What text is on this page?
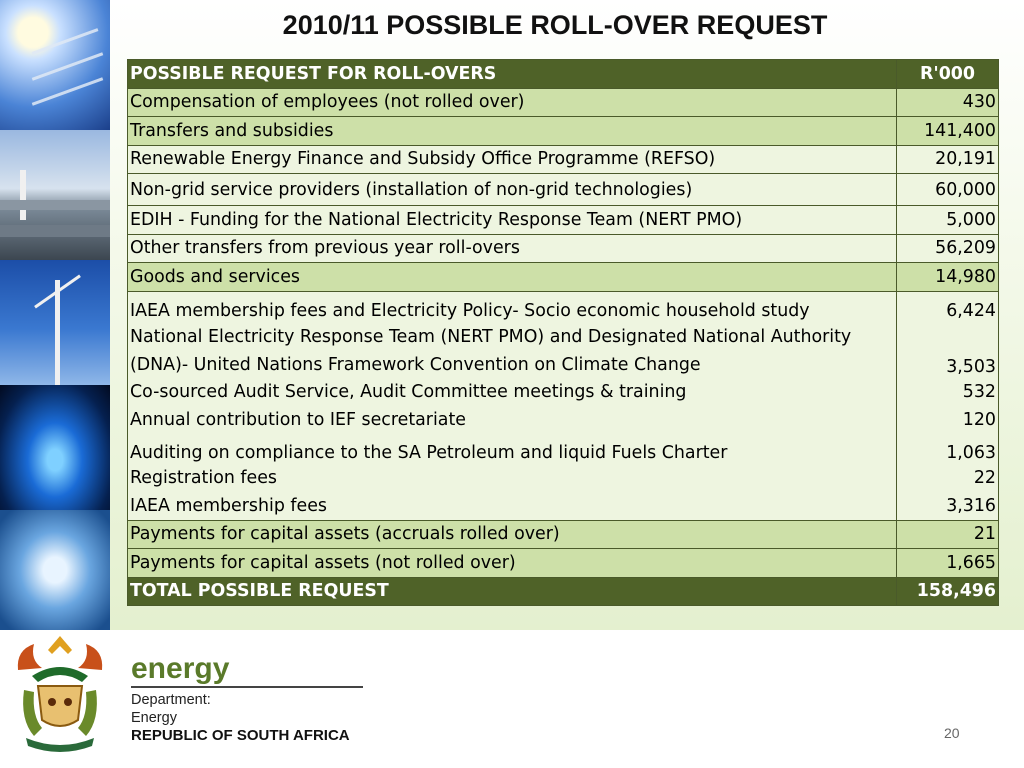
2010/11 POSSIBLE ROLL-OVER REQUEST
POSSIBLE REQUEST FOR ROLL-OVERS	R'000
Compensation of employees (not rolled over)	430
Transfers and subsidies	141,400
Renewable Energy Finance and Subsidy Office Programme (REFSO)	20,191
Non-grid service providers (installation of non-grid technologies)	60,000
EDIH - Funding for the National Electricity Response Team (NERT PMO)	5,000
Other transfers from previous year roll-overs	56,209
Goods and services	14,980
IAEA membership fees and Electricity Policy- Socio economic household study	6,424
National Electricity Response Team (NERT PMO) and Designated National Authority (DNA)- United Nations Framework Convention on Climate Change	3,503
Co-sourced Audit Service, Audit Committee meetings & training	532
Annual contribution to IEF secretariate	120
Auditing on compliance to the SA Petroleum and liquid Fuels Charter	1,063
Registration fees	22
IAEA membership fees	3,316
Payments for capital assets (accruals rolled over)	21
Payments for capital assets (not rolled over)	1,665
TOTAL POSSIBLE REQUEST	158,496
energy
Department:
Energy
REPUBLIC OF SOUTH AFRICA	20
